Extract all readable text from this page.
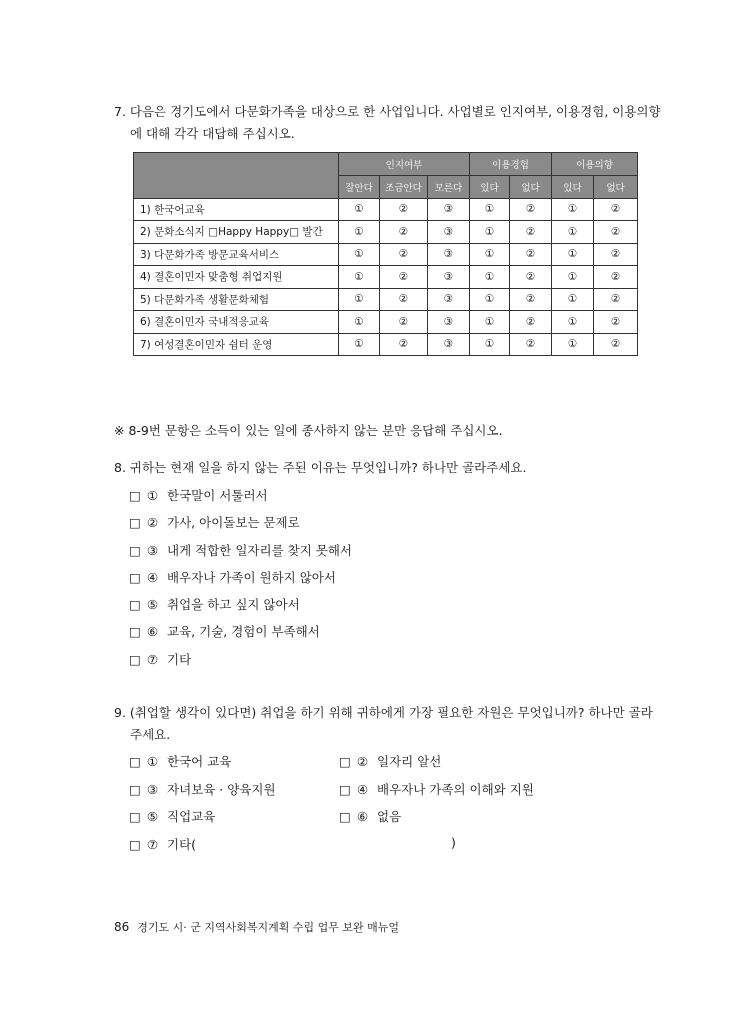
7. 다음은 경기도에서 다문화가족을 대상으로 한 사업입니다. 사업별로 인지여부, 이용경험, 이용의향
에 대해 각각 대답해 주십시오.
	인지여부			이용경험		이용의향	
	잘안다	조금안다	모른다	있다	없다	있다	없다
1) 한국어교육	①	②	③	①	②	①	②
2) 문화소식지 □Happy Happy□ 발간	①	②	③	①	②	①	②
3) 다문화가족 방문교육서비스	①	②	③	①	②	①	②
4) 결혼이민자 맞춤형 취업지원	①	②	③	①	②	①	②
5) 다문화가족 생활문화체험	①	②	③	①	②	①	②
6) 결혼이민자 국내적응교육	①	②	③	①	②	①	②
7) 여성결혼이민자 쉼터 운영	①	②	③	①	②	①	②
※ 8-9번 문항은 소득이 있는 일에 종사하지 않는 분만 응답해 주십시오.
8. 귀하는 현재 일을 하지 않는 주된 이유는 무엇입니까? 하나만 골라주세요.
□ ① 한국말이 서툴러서
□ ② 가사, 아이돌보는 문제로
□ ③ 내게 적합한 일자리를 찾지 못해서
□ ④ 배우자나 가족이 원하지 않아서
□ ⑤ 취업을 하고 싶지 않아서
□ ⑥ 교육, 기술, 경험이 부족해서
□ ⑦ 기타
9. (취업할 생각이 있다면) 취업을 하기 위해 귀하에게 가장 필요한 자원은 무엇입니까? 하나만 골라
주세요.
□ ① 한국어 교육	□ ② 일자리 알선
□ ③ 자녀보육 · 양육지원	□ ④ 배우자나 가족의 이해와 지원
□ ⑤ 직업교육	□ ⑥ 없음
□ ⑦ 기타(	)
86 경기도 시· 군 지역사회복지계획 수립 업무 보완 매뉴얼
